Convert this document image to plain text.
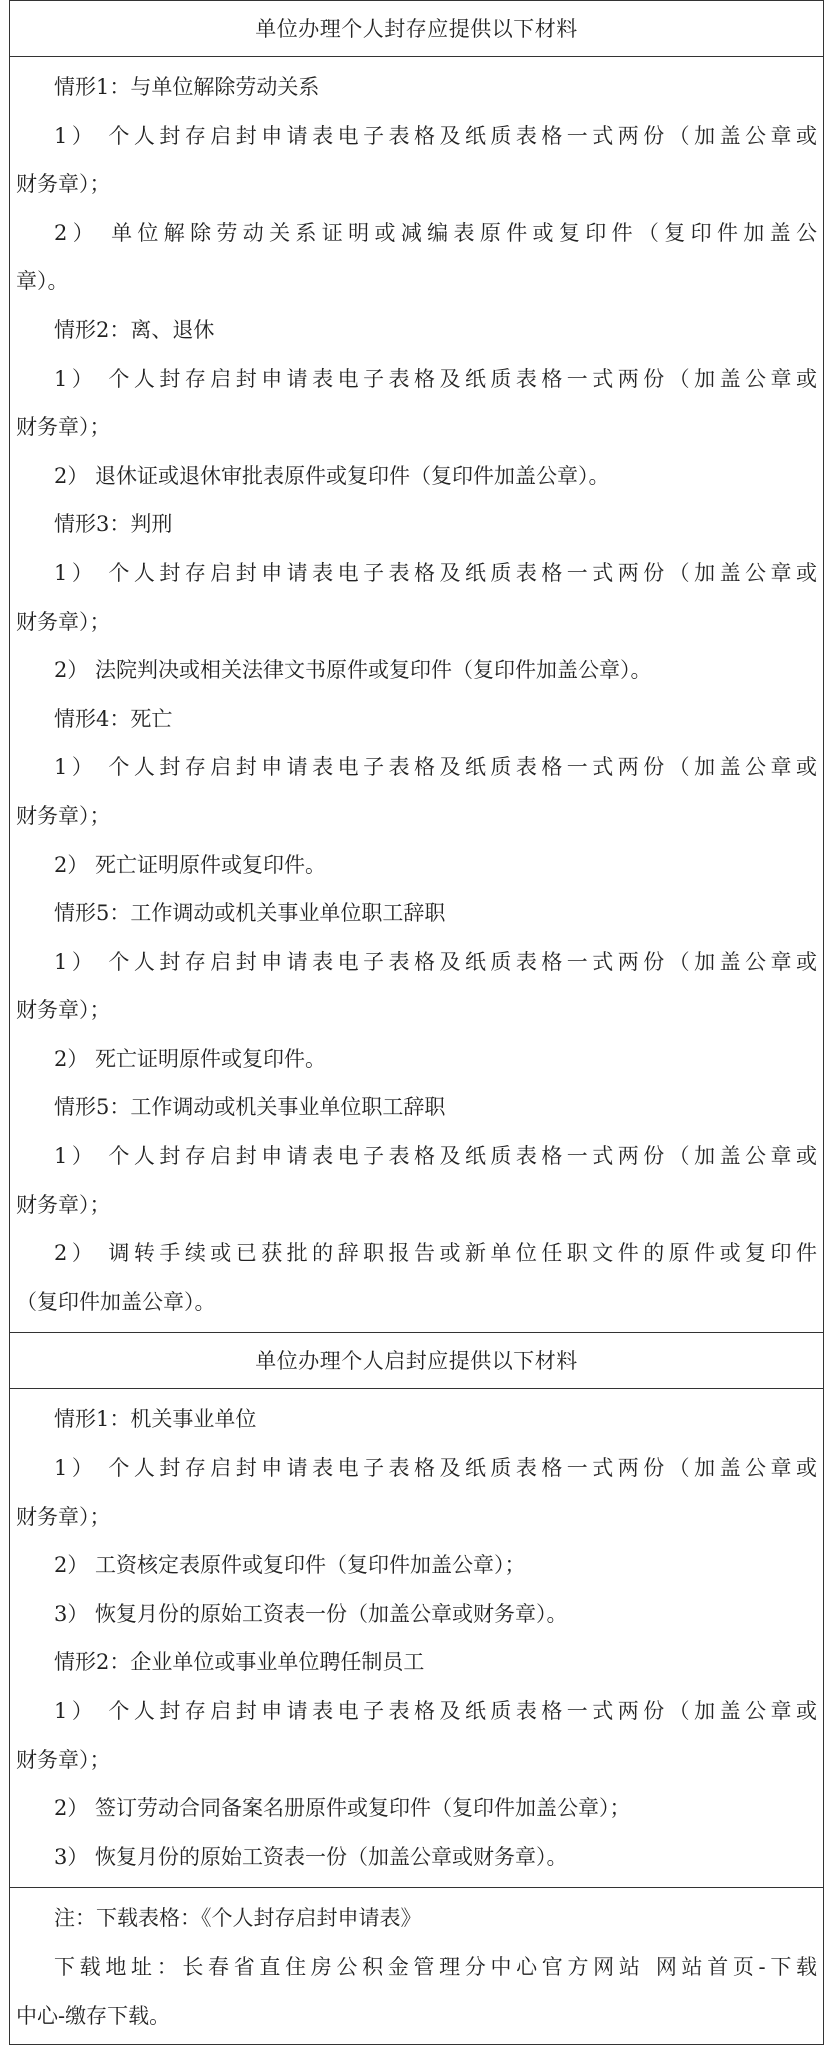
单位办理个人封存应提供以下材料
情形1：与单位解除劳动关系
1） 个人封存启封申请表电子表格及纸质表格一式两份（加盖公章或
财务章）；
2） 单位解除劳动关系证明或减编表原件或复印件（复印件加盖公
章）。
情形2：离、退休
1） 个人封存启封申请表电子表格及纸质表格一式两份（加盖公章或
财务章）；
2） 退休证或退休审批表原件或复印件（复印件加盖公章）。
情形3：判刑
1） 个人封存启封申请表电子表格及纸质表格一式两份（加盖公章或
财务章）；
2） 法院判决或相关法律文书原件或复印件（复印件加盖公章）。
情形4：死亡
1） 个人封存启封申请表电子表格及纸质表格一式两份（加盖公章或
财务章）；
2） 死亡证明原件或复印件。
情形5：工作调动或机关事业单位职工辞职
1） 个人封存启封申请表电子表格及纸质表格一式两份（加盖公章或
财务章）；
2） 死亡证明原件或复印件。
情形5：工作调动或机关事业单位职工辞职
1） 个人封存启封申请表电子表格及纸质表格一式两份（加盖公章或
财务章）；
2） 调转手续或已获批的辞职报告或新单位任职文件的原件或复印件
（复印件加盖公章）。
单位办理个人启封应提供以下材料
情形1：机关事业单位
1） 个人封存启封申请表电子表格及纸质表格一式两份（加盖公章或
财务章）；
2） 工资核定表原件或复印件（复印件加盖公章）；
3） 恢复月份的原始工资表一份（加盖公章或财务章）。
情形2：企业单位或事业单位聘任制员工
1） 个人封存启封申请表电子表格及纸质表格一式两份（加盖公章或
财务章）；
2） 签订劳动合同备案名册原件或复印件（复印件加盖公章）；
3） 恢复月份的原始工资表一份（加盖公章或财务章）。
注：下载表格：《个人封存启封申请表》
下载地址：长春省直住房公积金管理分中心官方网站 网站首页-下载
中心-缴存下载。
